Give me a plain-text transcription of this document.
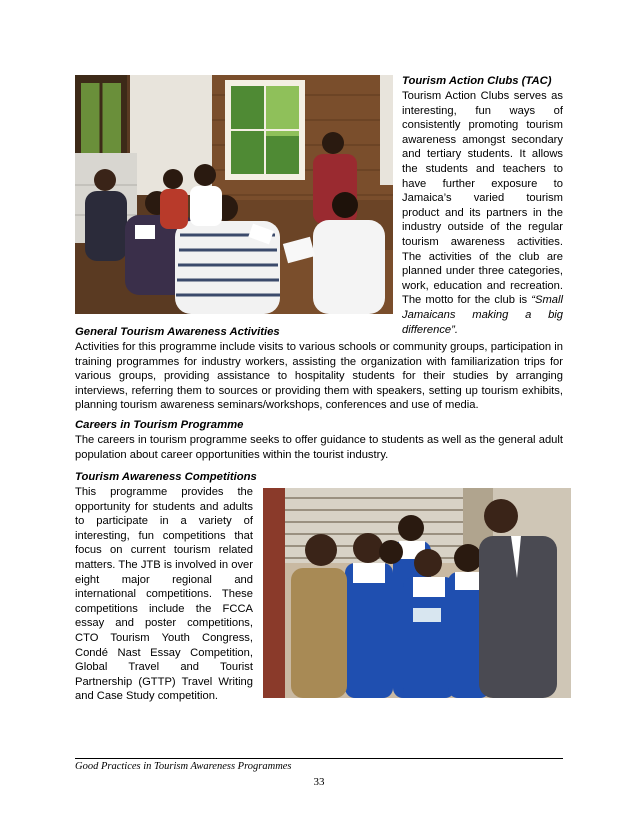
Tourism Action Clubs (TAC)
Tourism Action Clubs serves as interesting, fun ways of consistently promoting tourism awareness amongst secondary and tertiary students. It allows the students and teachers to have further exposure to Jamaica’s varied tourism product and its partners in the industry outside of the regular tourism awareness activities. The activities of the club are planned under three categories, work, education and recreation. The motto for the club is “Small Jamaicans making a big difference”.
General Tourism Awareness Activities
Activities for this programme include visits to various schools or community groups, participation in training programmes for industry workers, assisting the organization with familiarization trips for various groups, providing assistance to hospitality students for their studies by arranging interviews, referring them to sources or providing them with speakers, setting up tourism exhibits, planning tourism awareness seminars/workshops, conferences and use of media.
Careers in Tourism Programme
The careers in tourism programme seeks to offer guidance to students as well as the general adult population about career opportunities within the tourist industry.
Tourism Awareness Competitions
This programme provides the opportunity for students and adults to participate in a variety of interesting, fun competitions that focus on current tourism related matters. The JTB is involved in over eight major regional and international competitions. These competitions include the FCCA essay and poster competitions, CTO Tourism Youth Congress, Condé Nast Essay Competition, Global Travel and Tourist Partnership (GTTP) Travel Writing and Case Study competition.
Good Practices in Tourism Awareness Programmes
33
